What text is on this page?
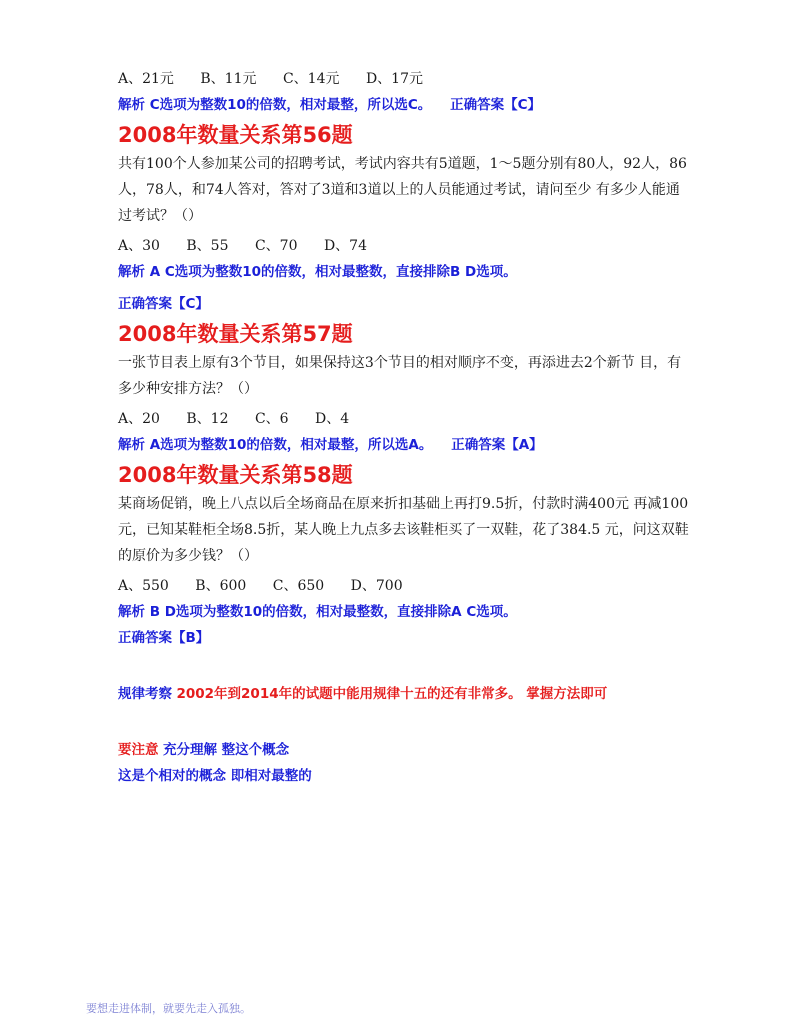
A、21元 B、11元 C、14元 D、17元
解析 C选项为整数10的倍数，相对最整，所以选C。 正确答案【C】
2008年数量关系第56题
共有100个人参加某公司的招聘考试，考试内容共有5道题，1～5题分别有80人，92人，86人，78人，和74人答对，答对了3道和3道以上的人员能通过考试，请问至少 有多少人能通过考试？（）
A、30 B、55 C、70 D、74
解析 A C选项为整数10的倍数，相对最整数，直接排除B D选项。
正确答案【C】
2008年数量关系第57题
一张节目表上原有3个节目，如果保持这3个节目的相对顺序不变，再添进去2个新节 目，有多少种安排方法？（）
A、20 B、12 C、6 D、4
解析 A选项为整数10的倍数，相对最整，所以选A。 正确答案【A】
2008年数量关系第58题
某商场促销，晚上八点以后全场商品在原来折扣基础上再打9.5折，付款时满400元 再减100元，已知某鞋柜全场8.5折，某人晚上九点多去该鞋柜买了一双鞋，花了384.5 元，问这双鞋的原价为多少钱？（）
A、550 B、600 C、650 D、700
解析 B D选项为整数10的倍数，相对最整数，直接排除A C选项。
正确答案【B】
规律考察 2002年到2014年的试题中能用规律十五的还有非常多。 掌握方法即可
要注意 充分理解 整这个概念
这是个相对的概念 即相对最整的
要想走进体制，就要先走入孤独。
